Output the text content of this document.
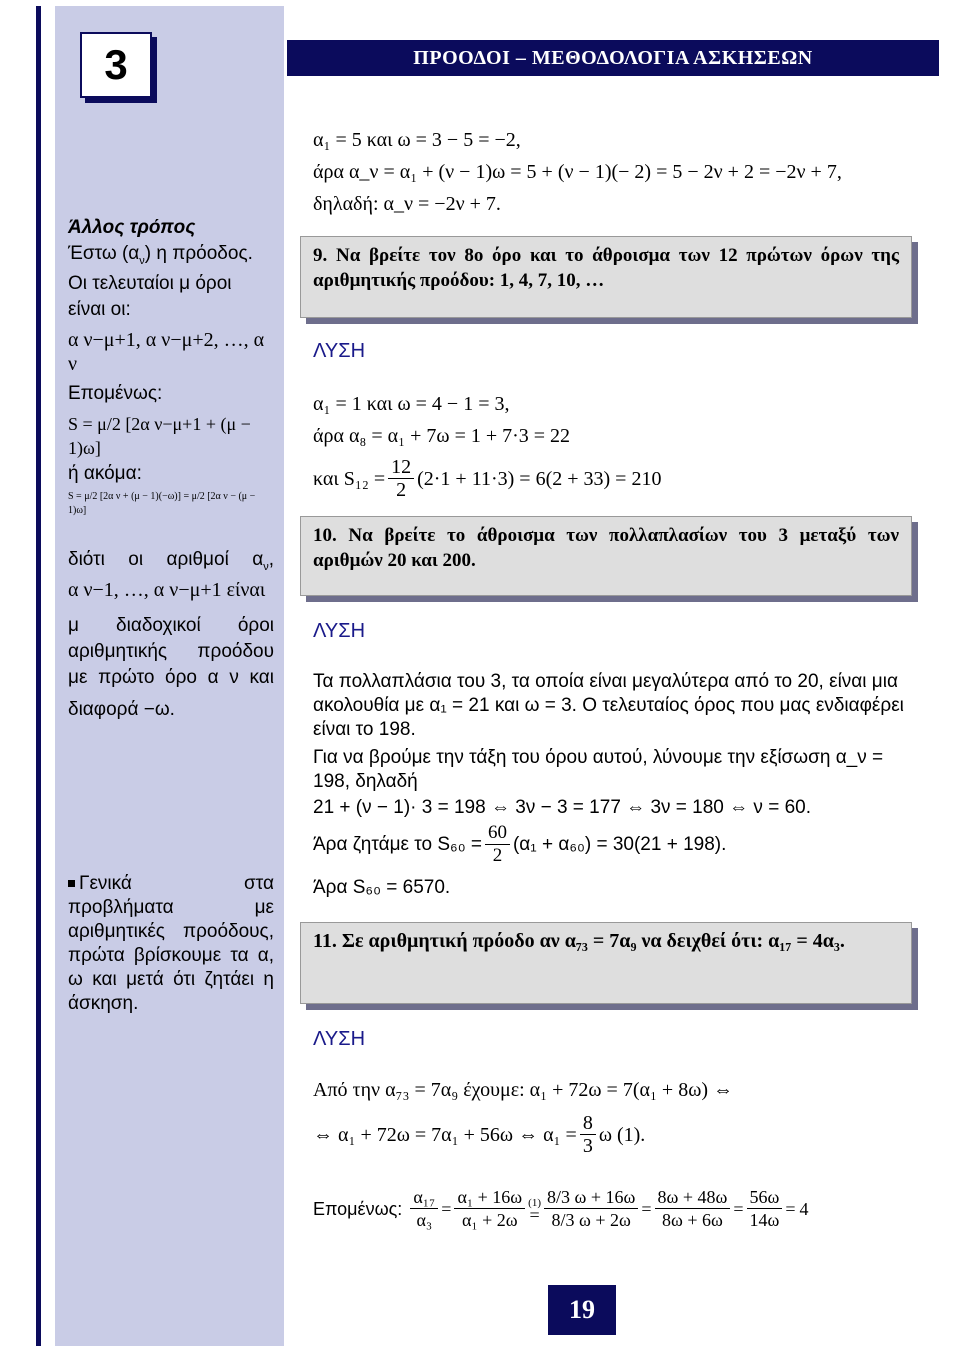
3	ΠΡΟΟΔΟΙ – ΜΕΘΟΔΟΛΟΓΙΑ ΑΣΚΗΣΕΩΝ
Άλλος τρόπος
Έστω $(\alpha_\nu)$ η πρόοδος.
Οι τελευταίοι μ όροι
είναι οι:
α ν−μ+1, α ν−μ+2, …, α ν
Επομένως:
S = μ/2 [2α ν−μ+1 + (μ − 1)ω]
ή ακόμα:
S = μ/2 [2α ν + (μ − 1)(−ω)] = μ/2 [2α ν − (μ − 1)ω]
διότι οι αριθμοί $\alpha_\nu$,
α ν−1, …, α ν−μ+1 είναι
μ διαδοχικοί όροι
αριθμητικής προόδου
με πρώτο όρο α ν και
διαφορά −ω.
Γενικά στα προβλήματα με αριθμητικές προόδους, πρώτα βρίσκουμε τα α, ω και μετά ότι ζητάει η άσκηση.
α₁ = 5 και ω = 3 − 5 = −2,
άρα α_ν = α₁ + (ν − 1)ω = 5 + (ν − 1)(− 2) = 5 − 2ν + 2 = −2ν + 7,
δηλαδή: α_ν = −2ν + 7.
9. Να βρείτε τον 8ο όρο και το άθροισμα των 12 πρώτων όρων της αριθμητικής προόδου: 1, 4, 7, 10, …
ΛΥΣΗ
α₁ = 1 και ω = 4 − 1 = 3,
άρα α₈ = α₁ + 7ω = 1 + 7·3 = 22
και $S_{12} = \frac{12}{2} (2\cdot 1 + 11\cdot 3) = 6(2 + 33) = 210$
10. Να βρείτε το άθροισμα των πολλαπλασίων του 3 μεταξύ των αριθμών 20 και 200.
ΛΥΣΗ
Τα πολλαπλάσια του 3, τα οποία είναι μεγαλύτερα από το 20, είναι μια ακολουθία με α₁ = 21 και ω = 3. Ο τελευταίος όρος που μας ενδιαφέρει είναι το 198.
Για να βρούμε την τάξη του όρου αυτού, λύνουμε την εξίσωση α_ν = 198, δηλαδή
21 + (ν − 1)· 3 = 198 ⇔ 3ν − 3 = 177 ⇔ 3ν = 180 ⇔ ν = 60.
Άρα ζητάμε το $S_{60} = \frac{60}{2} (\alpha_1 + \alpha_{60}) = 30(21 + 198)$.
Άρα S₆₀ = 6570.
11. Σε αριθμητική πρόοδο αν α₇₃ = 7α₉ να δειχθεί ότι: α₁₇ = 4α₃.
ΛΥΣΗ
Από την α₇₃ = 7α₉ έχουμε: α₁ + 72ω = 7(α₁ + 8ω) ⇔
⇔ α₁ + 72ω = 7α₁ + 56ω ⇔ $\alpha_1 = \frac{8}{3}$ ω (1).
Επομένως: $\frac{\text{α₁₇}}{\text{α₃}} = \frac{\text{α₁ + 16ω}}{\text{α₁ + 2ω}} (1)$
= $\frac{8/3 \omega + 16\omega}{8/3 \omega + 2\omega} = \frac{8\omega + 48\omega}{8\omega + 6\omega} = \frac{56\omega}{14\omega} = 4$
19
